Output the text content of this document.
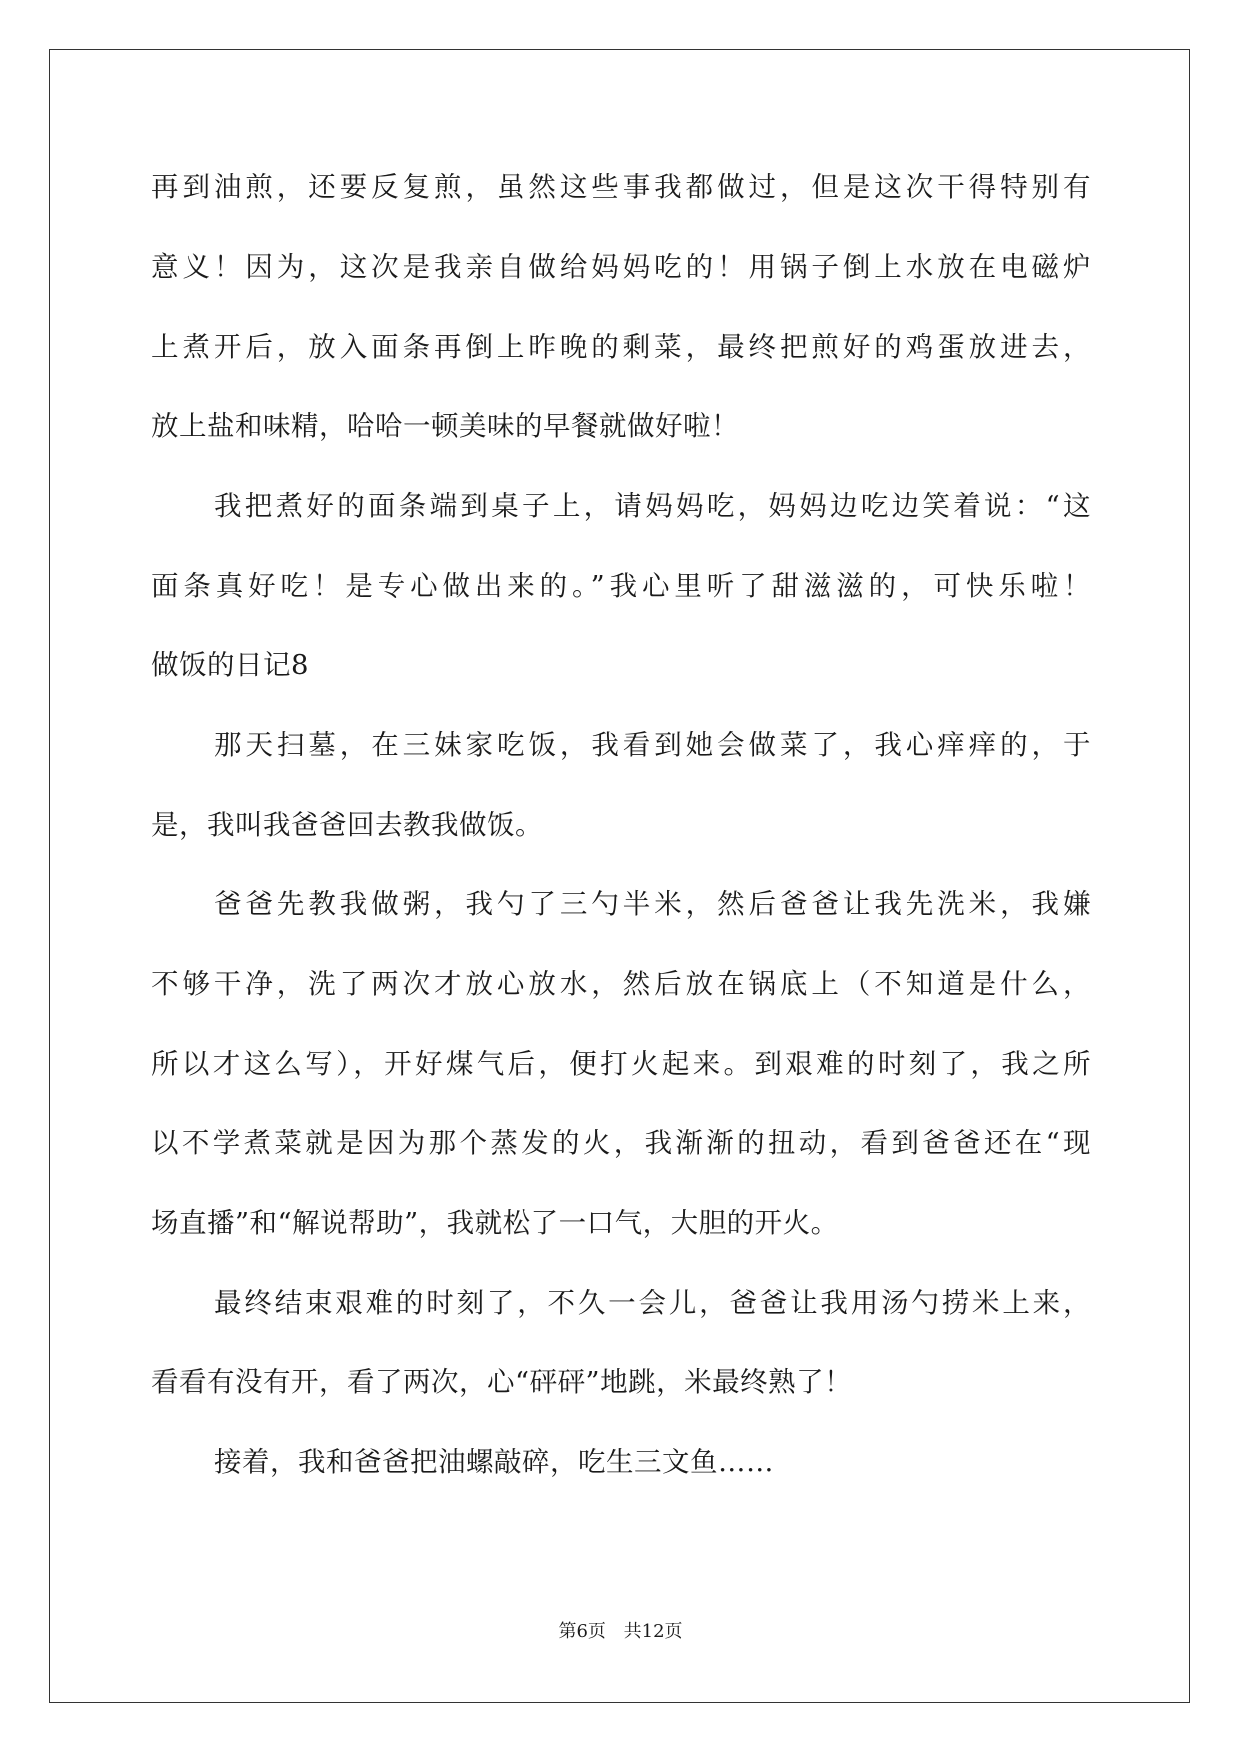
再到油煎，还要反复煎，虽然这些事我都做过，但是这次干得特别有
意义！因为，这次是我亲自做给妈妈吃的！用锅子倒上水放在电磁炉
上煮开后，放入面条再倒上昨晚的剩菜，最终把煎好的鸡蛋放进去，
放上盐和味精，哈哈一顿美味的早餐就做好啦！
我把煮好的面条端到桌子上，请妈妈吃，妈妈边吃边笑着说：“这
面条真好吃！是专心做出来的。”我心里听了甜滋滋的，可快乐啦！
做饭的日记8
那天扫墓，在三妹家吃饭，我看到她会做菜了，我心痒痒的，于
是，我叫我爸爸回去教我做饭。
爸爸先教我做粥，我勺了三勺半米，然后爸爸让我先洗米，我嫌
不够干净，洗了两次才放心放水，然后放在锅底上（不知道是什么，
所以才这么写），开好煤气后，便打火起来。到艰难的时刻了，我之所
以不学煮菜就是因为那个蒸发的火，我渐渐的扭动，看到爸爸还在“现
场直播”和“解说帮助”，我就松了一口气，大胆的开火。
最终结束艰难的时刻了，不久一会儿，爸爸让我用汤勺捞米上来，
看看有没有开，看了两次，心“砰砰”地跳，米最终熟了！
接着，我和爸爸把油螺敲碎，吃生三文鱼……
第6页 共12页
